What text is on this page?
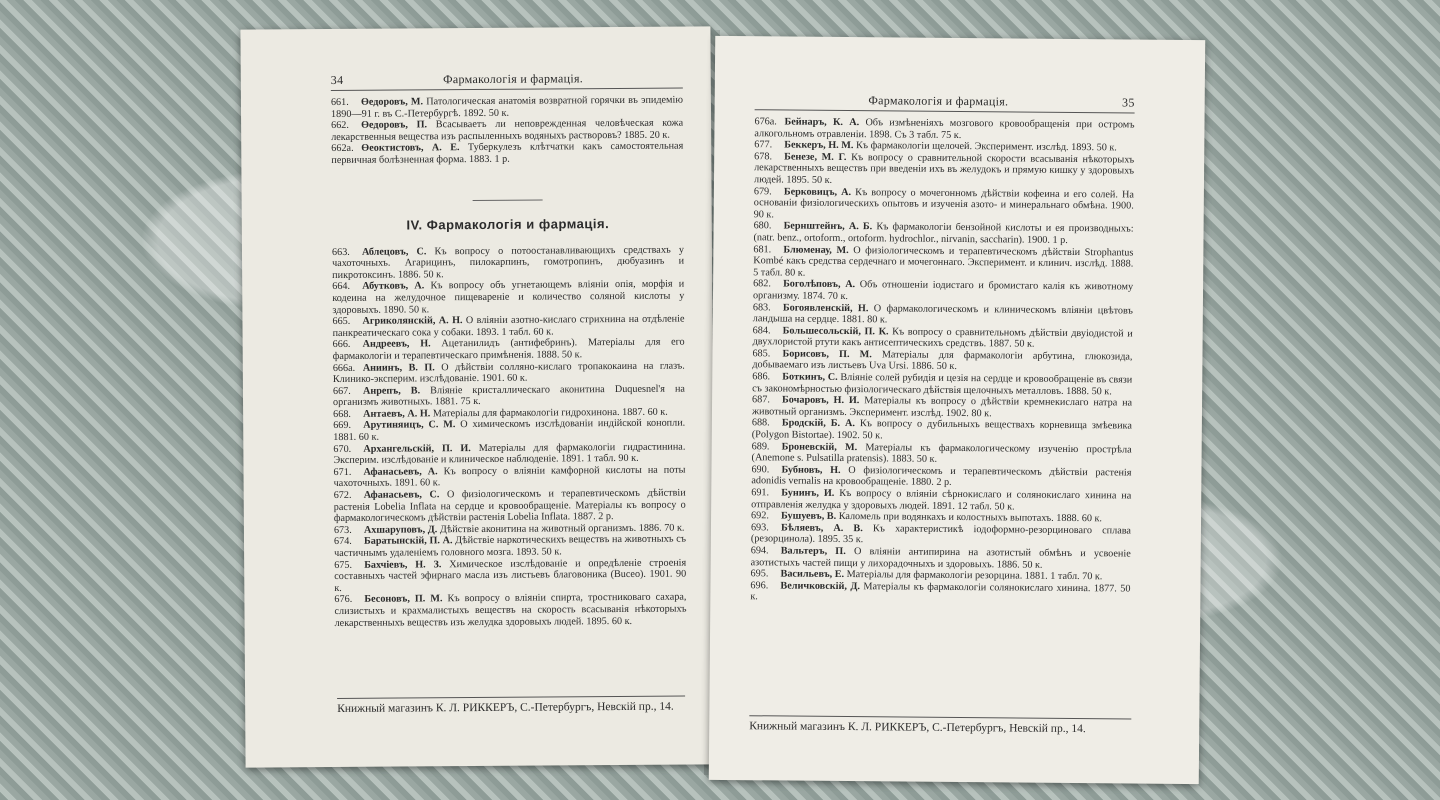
34	Фармакологія и фармація.
661. Өедоровъ, М. Патологическая анатомія возвратной горячки въ эпидемію 1890—91 г. въ С.-Петербургѣ. 1892. 50 к.
662. Өедоровъ, П. Всасываетъ ли неповрежденная человѣческая кожа лекарственныя вещества изъ распыленныхъ водяныхъ растворовъ? 1885. 20 к.
662а. Өеоктистовъ, А. Е. Туберкулезъ клѣтчатки какъ самостоятельная первичная болѣзненная форма. 1883. 1 р.
IV. Фармакологія и фармація.
663. Аблецовъ, С. Къ вопросу о потоостанавливающихъ средствахъ у чахоточныхъ. Агарицинъ, пилокарпинъ, гомотропинъ, дюбуазинъ и пикротоксинъ. 1886. 50 к.
664. Абутковъ, А. Къ вопросу объ угнетающемъ вліяніи опія, морфія и кодеина на желудочное пищевареніе и количество соляной кислоты у здоровыхъ. 1890. 50 к.
665. Агриколянскій, А. Н. О вліяніи азотно-кислаго стрихнина на отдѣленіе панкреатическаго сока у собаки. 1893. 1 табл. 60 к.
666. Андреевъ, Н. Ацетанилидъ (антифебринъ). Матеріалы для его фармакологіи и терапевтическаго примѣненія. 1888. 50 к.
666а. Аниинъ, В. П. О дѣйствіи солляно-кислаго тропакокаина на глазъ. Клинико-эксперим. изслѣдованіе. 1901. 60 к.
667. Анрепъ, В. Вліяніе кристаллическаго аконитина Duquesnel'я на организмъ животныхъ. 1881. 75 к.
668. Антаевъ, А. Н. Матеріалы для фармакологіи гидрохинона. 1887. 60 к.
669. Арутиняицъ, С. М. О химическомъ изслѣдованіи индійской конопли. 1881. 60 к.
670. Архангельскій, П. И. Матеріалы для фармакологіи гидрастинина. Эксперим. изслѣдованіе и клиническое наблюденіе. 1891. 1 табл. 90 к.
671. Афанасьевъ, А. Къ вопросу о вліяніи камфорной кислоты на поты чахоточныхъ. 1891. 60 к.
672. Афанасьевъ, С. О физіологическомъ и терапевтическомъ дѣйствіи растенія Lobelia Inflata на сердце и кровообращеніе. Матеріалы къ вопросу о фармакологическомъ дѣйствіи растенія Lobelia Inflata. 1887. 2 р.
673. Ахшаруповъ, Д. Дѣйствіе аконитина на животный организмъ. 1886. 70 к.
674. Баратынскій, П. А. Дѣйствіе наркотическихъ веществъ на животныхъ съ частичнымъ удаленіемъ головного мозга. 1893. 50 к.
675. Бахчіевъ, Н. З. Химическое изслѣдованіе и опредѣленіе строенія составныхъ частей эфирнаго масла изъ листьевъ благовоника (Buceo). 1901. 90 к.
676. Бесоновъ, П. М. Къ вопросу о вліяніи спирта, тростниковаго сахара, слизистыхъ и крахмалистыхъ веществъ на скорость всасыванія нѣкоторыхъ лекарственныхъ веществъ изъ желудка здоровыхъ людей. 1895. 60 к.
Книжный магазинъ К. Л. РИККЕРЪ, С.-Петербургъ, Невскій пр., 14.
Фармакологія и фармація.	35
676а. Бейнаръ, К. А. Объ измѣненіяхъ мозгового кровообращенія при остромъ алкогольномъ отравленіи. 1898. Съ 3 табл. 75 к.
677. Беккеръ, Н. М. Къ фармакологіи щелочей. Эксперимент. изслѣд. 1893. 50 к.
678. Бенезе, М. Г. Къ вопросу о сравнительной скорости всасыванія нѣкоторыхъ лекарственныхъ веществъ при введеніи ихъ въ желудокъ и прямую кишку у здоровыхъ людей. 1895. 50 к.
679. Берковицъ, А. Къ вопросу о мочегонномъ дѣйствіи кофеина и его солей. На основаніи физіологическихъ опытовъ и изученія азото- и минеральнаго обмѣна. 1900. 90 к.
680. Бернштейнъ, А. Б. Къ фармакологіи бензойной кислоты и ея производныхъ: (natr. benz., ortoform., ortoform. hydrochlor., nirvanin, saccharin). 1900. 1 р.
681. Блюменау, М. О физіологическомъ и терапевтическомъ дѣйствіи Strophantus Kombé какъ средства сердечнаго и мочегоннаго. Эксперимент. и клинич. изслѣд. 1888. 5 табл. 80 к.
682. Боголѣповъ, А. Объ отношеніи іодистаго и бромистаго калія къ животному организму. 1874. 70 к.
683. Богоявленскій, Н. О фармакологическомъ и клиническомъ вліяніи цвѣтовъ ландыша на сердце. 1881. 80 к.
684. Большесольскій, П. К. Къ вопросу о сравнительномъ дѣйствіи двуіодистой и двухлористой ртути какъ антисептическихъ средствъ. 1887. 50 к.
685. Борисовъ, П. М. Матеріалы для фармакологіи арбутина, глюкозида, добываемаго изъ листьевъ Uva Ursi. 1886. 50 к.
686. Боткинъ, С. Вліяніе солей рубидія и цезія на сердце и кровообращеніе въ связи съ закономѣрностью физіологическаго дѣйствія щелочныхъ металловъ. 1888. 50 к.
687. Бочаровъ, Н. И. Матеріалы къ вопросу о дѣйствіи кремнекислаго натра на животный организмъ. Эксперимент. изслѣд. 1902. 80 к.
688. Бродскій, Б. А. Къ вопросу о дубильныхъ веществахъ корневища змѣевика (Polygon Bistortae). 1902. 50 к.
689. Броневскій, М. Матеріалы къ фармакологическому изученію прострѣла (Anemone s. Pulsatilla pratensis). 1883. 50 к.
690. Бубновъ, Н. О физіологическомъ и терапевтическомъ дѣйствіи растенія adonidis vernalis на кровообращеніе. 1880. 2 р.
691. Бунинъ, И. Къ вопросу о вліяніи сѣрнокислаго и солянокислаго хинина на отправленія желудка у здоровыхъ людей. 1891. 12 табл. 50 к.
692. Бушуевъ, В. Каломель при водянкахъ и колостныхъ выпотахъ. 1888. 60 к.
693. Бѣляевъ, А. В. Къ характеристикѣ іодоформно-резорциноваго сплава (резорцинола). 1895. 35 к.
694. Вальтеръ, П. О вліяніи антипирина на азотистый обмѣнъ и усвоеніе азотистыхъ частей пищи у лихорадочныхъ и здоровыхъ. 1886. 50 к.
695. Васильевъ, Е. Матеріалы для фармакологіи резорцина. 1881. 1 табл. 70 к.
696. Величковскій, Д. Матеріалы къ фармакологіи солянокислаго хинина. 1877. 50 к.
Книжный магазинъ К. Л. РИККЕРЪ, С.-Петербургъ, Невскій пр., 14.
